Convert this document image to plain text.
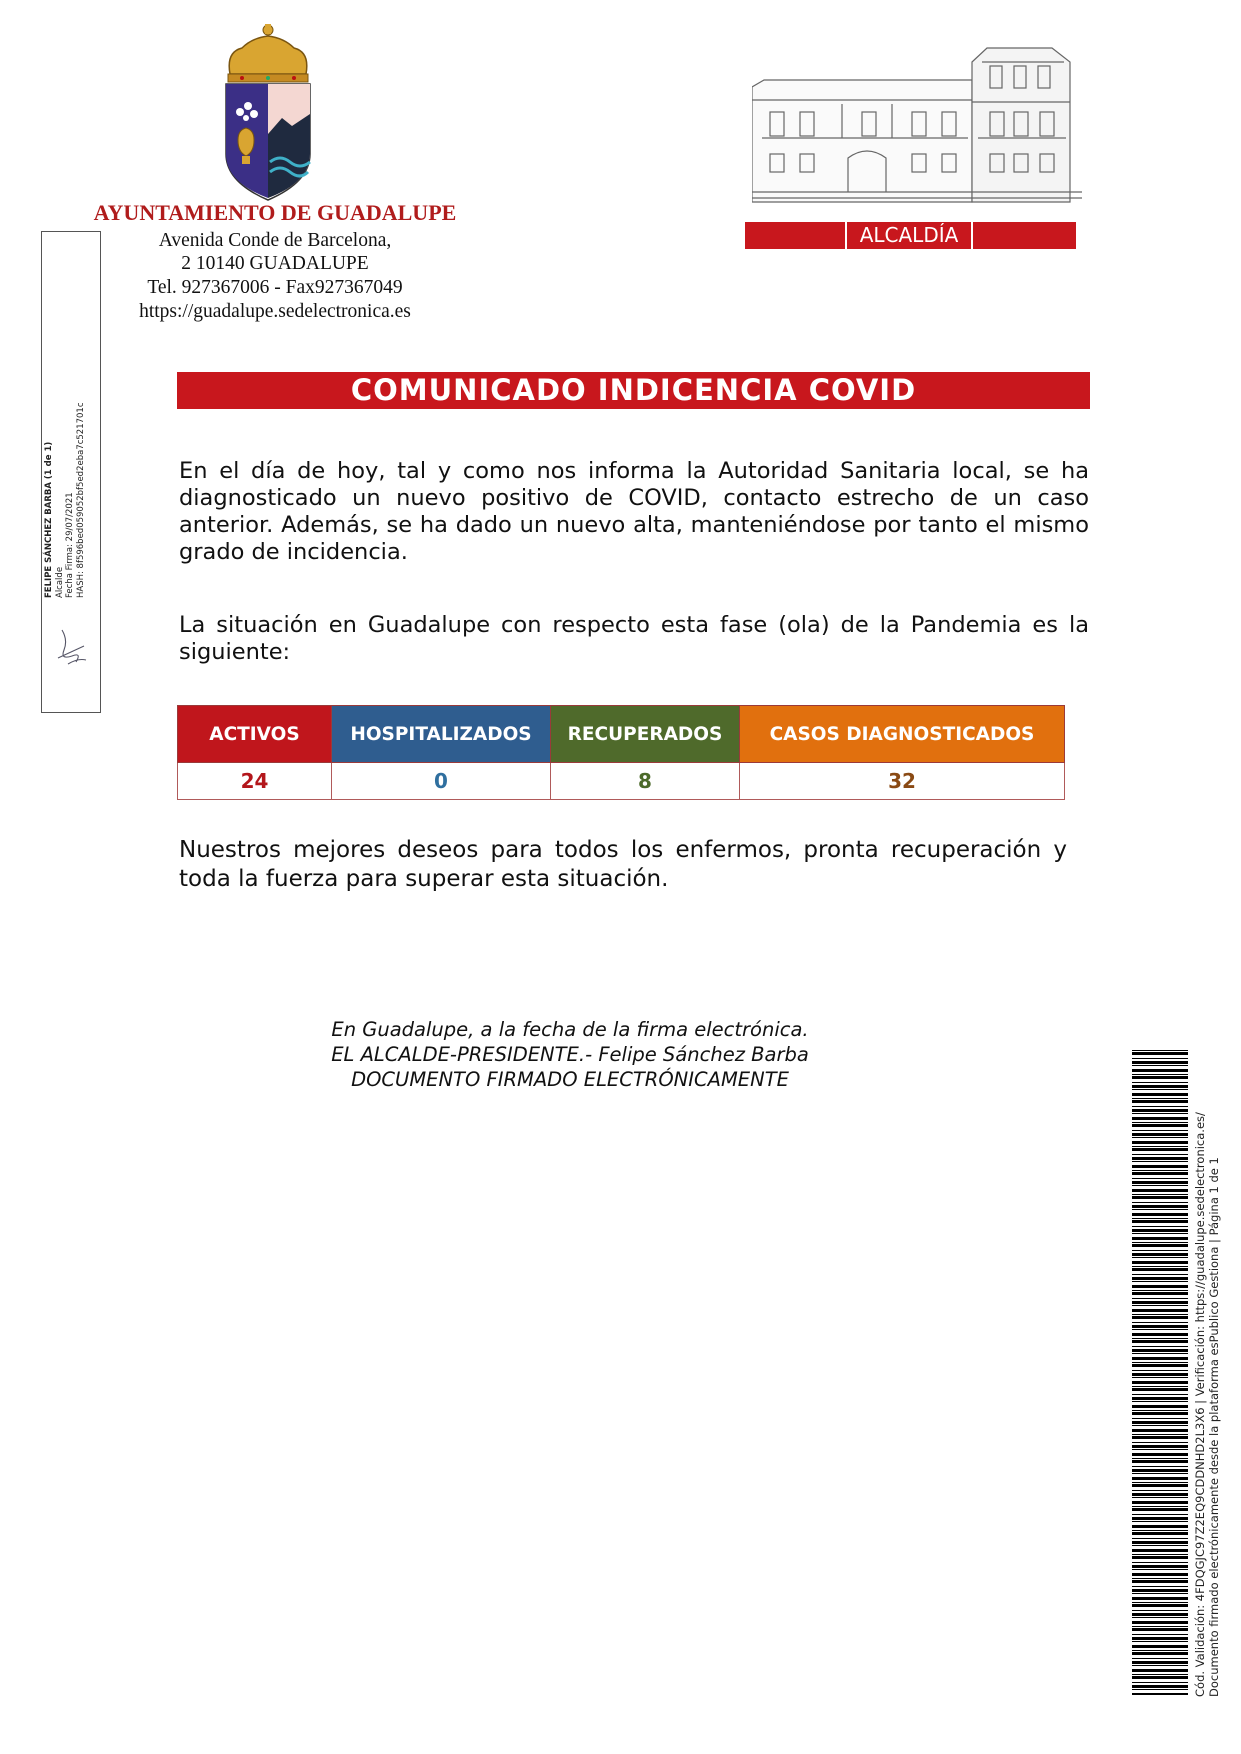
AYUNTAMIENTO DE GUADALUPE
Avenida Conde de Barcelona,
2 10140 GUADALUPE
Tel. 927367006 - Fax927367049
https://guadalupe.sedelectronica.es
ALCALDÍA
FELIPE SÁNCHEZ BARBA (1 de 1) Alcalde Fecha Firma: 29/07/2021 HASH: 8f596bed059052bf5ed2eba7c521701c
COMUNICADO INDICENCIA COVID
En el día de hoy, tal y como nos informa la Autoridad Sanitaria local, se ha diagnosticado un nuevo positivo de COVID, contacto estrecho de un caso anterior. Además, se ha dado un nuevo alta, manteniéndose por tanto el mismo grado de incidencia.
La situación en Guadalupe con respecto esta fase (ola) de la Pandemia es la siguiente:
ACTIVOS	HOSPITALIZADOS	RECUPERADOS	CASOS DIAGNOSTICADOS
24	0	8	32
Nuestros mejores deseos para todos los enfermos, pronta recuperación y toda la fuerza para superar esta situación.
En Guadalupe, a la fecha de la firma electrónica.
EL ALCALDE-PRESIDENTE.- Felipe Sánchez Barba
DOCUMENTO FIRMADO ELECTRÓNICAMENTE
Cód. Validación: 4FDQGJC97Z2EQ9CDDNHD2L3X6 | Verificación: https://guadalupe.sedelectronica.es/ Documento firmado electrónicamente desde la plataforma esPublico Gestiona | Página 1 de 1
